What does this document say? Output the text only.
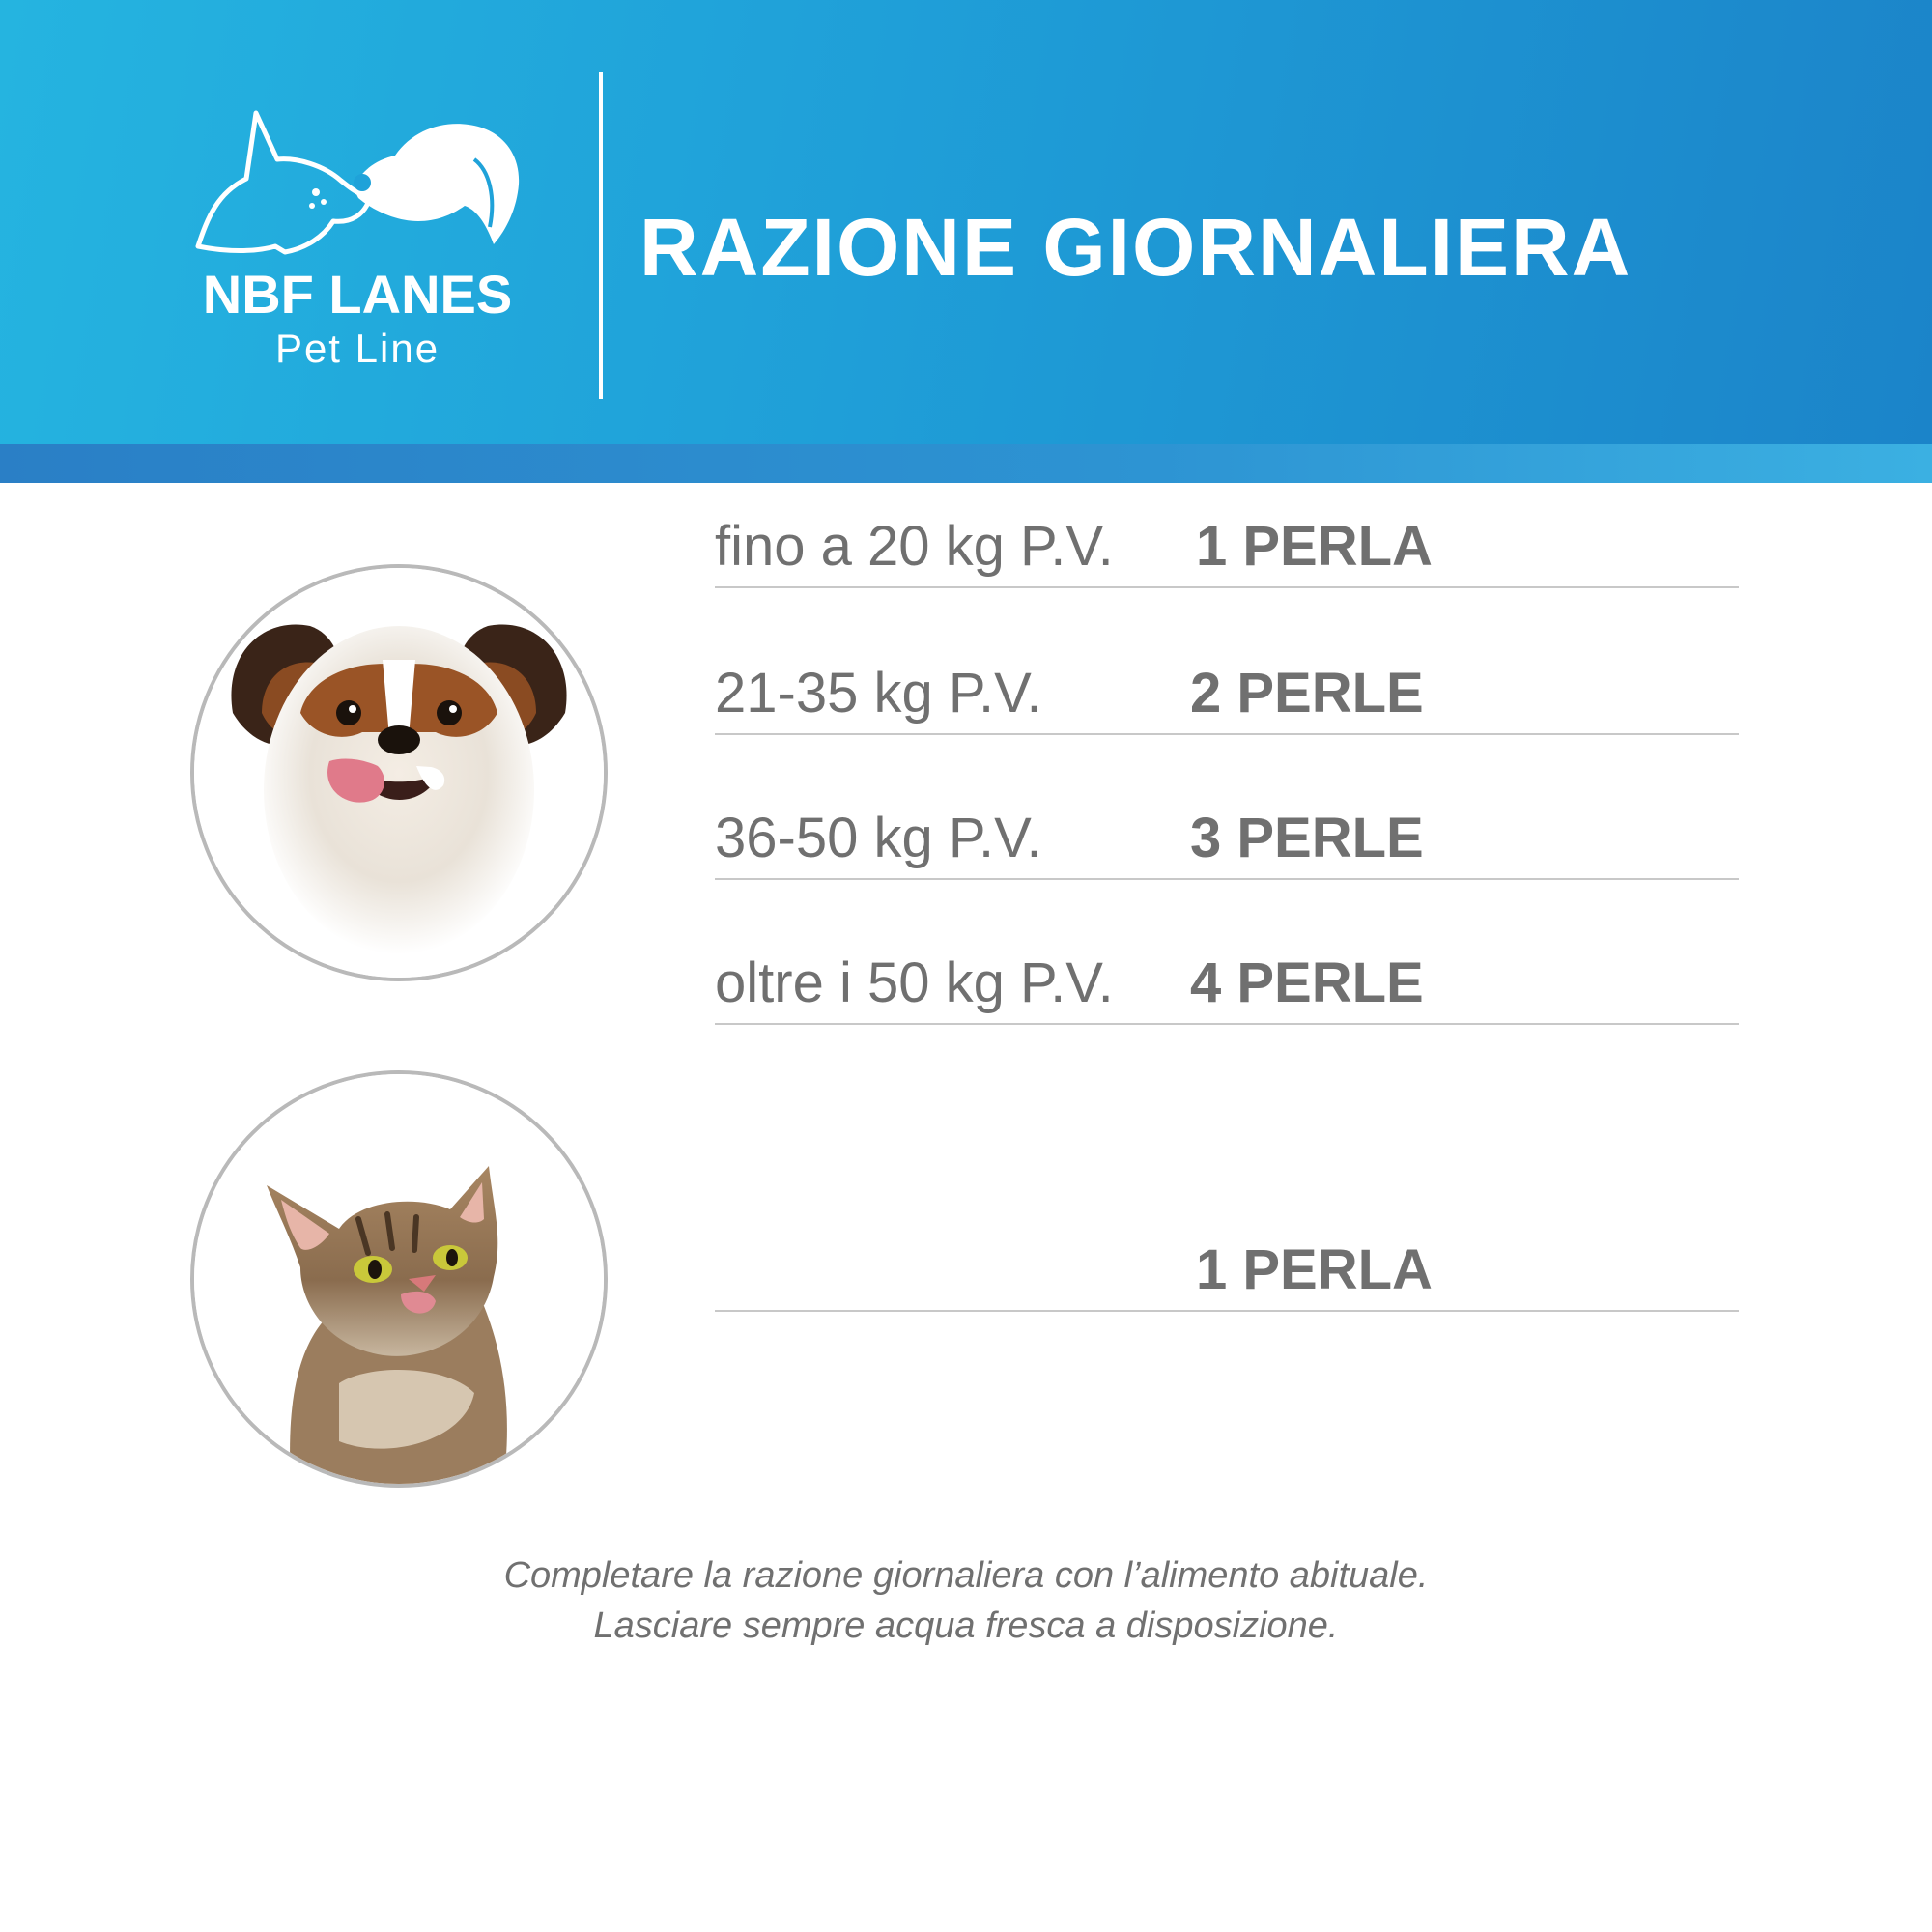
NBF LANES
Pet Line
RAZIONE GIORNALIERA
fino a 20 kg P.V. 1 PERLA
21-35 kg P.V.	2 PERLE
36-50 kg P.V.	3 PERLE
oltre i 50 kg P.V. 4 PERLE
1 PERLA
Completare la razione giornaliera con l’alimento abituale.
Lasciare sempre acqua fresca a disposizione.
